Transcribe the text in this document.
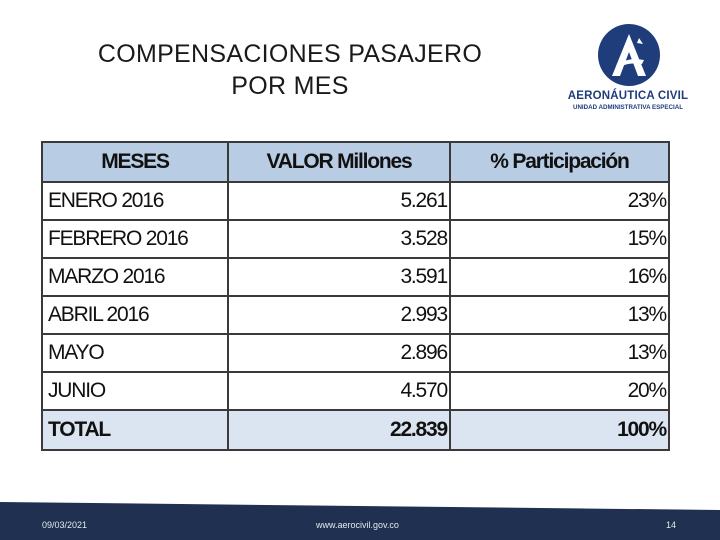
COMPENSACIONES PASAJERO
POR MES	AERONÁUTICA CIVIL
UNIDAD ADMINISTRATIVA ESPECIAL
MESES	VALOR Millones	% Participación
ENERO 2016	5.261	23%
FEBRERO 2016	3.528	15%
MARZO 2016	3.591	16%
ABRIL 2016	2.993	13%
MAYO	2.896	13%
JUNIO	4.570	20%
TOTAL	22.839	100%
09/03/2021	www.aerocivil.gov.co	14
